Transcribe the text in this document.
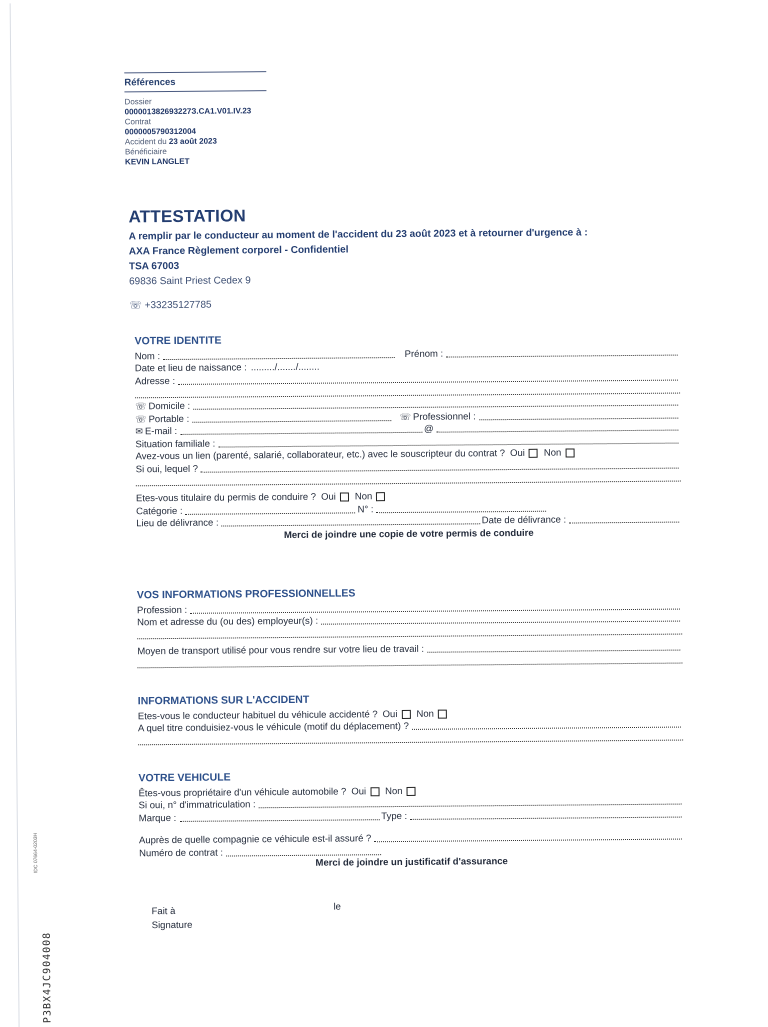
Références
Dossier
000001382693227З.CA1.V01.IV.23
Contrat
0000005790312004
Accident du 23 août 2023
Bénéficiaire
KEVIN LANGLET
ATTESTATION
A remplir par le conducteur au moment de l'accident du 23 août 2023 et à retourner d'urgence à :
AXA France Règlement corporel - Confidentiel
TSA 67003
69836 Saint Priest Cedex 9
☏ +33235127785
VOTRE IDENTITE
Nom :	Prénom :
Date et lieu de naissance : ........./......./........
Adresse :
☏ Domicile :
☏ Portable :	☏ Professionnel :
✉ E-mail :	@
Situation familiale :
Avez-vous un lien (parenté, salarié, collaborateur, etc.) avec le souscripteur du contrat ? Oui Non
Si oui, lequel ?
Etes-vous titulaire du permis de conduire ? Oui Non
Catégorie :	N° :
Lieu de délivrance :	Date de délivrance :
Merci de joindre une copie de votre permis de conduire
VOS INFORMATIONS PROFESSIONNELLES
Profession :
Nom et adresse du (ou des) employeur(s) :
Moyen de transport utilisé pour vous rendre sur votre lieu de travail :
INFORMATIONS SUR L'ACCIDENT
Etes-vous le conducteur habituel du véhicule accidenté ? Oui Non
A quel titre conduisiez-vous le véhicule (motif du déplacement) ?
VOTRE VEHICULE
Êtes-vous propriétaire d'un véhicule automobile ? Oui Non
Si oui, n° d'immatriculation :
Marque :	Type :
Auprès de quelle compagnie ce véhicule est-il assuré ?
Numéro de contrat :
Merci de joindre un justificatif d'assurance
Fait à
Signature
le
IDC 07664-0203H
P3BX4JC904008
